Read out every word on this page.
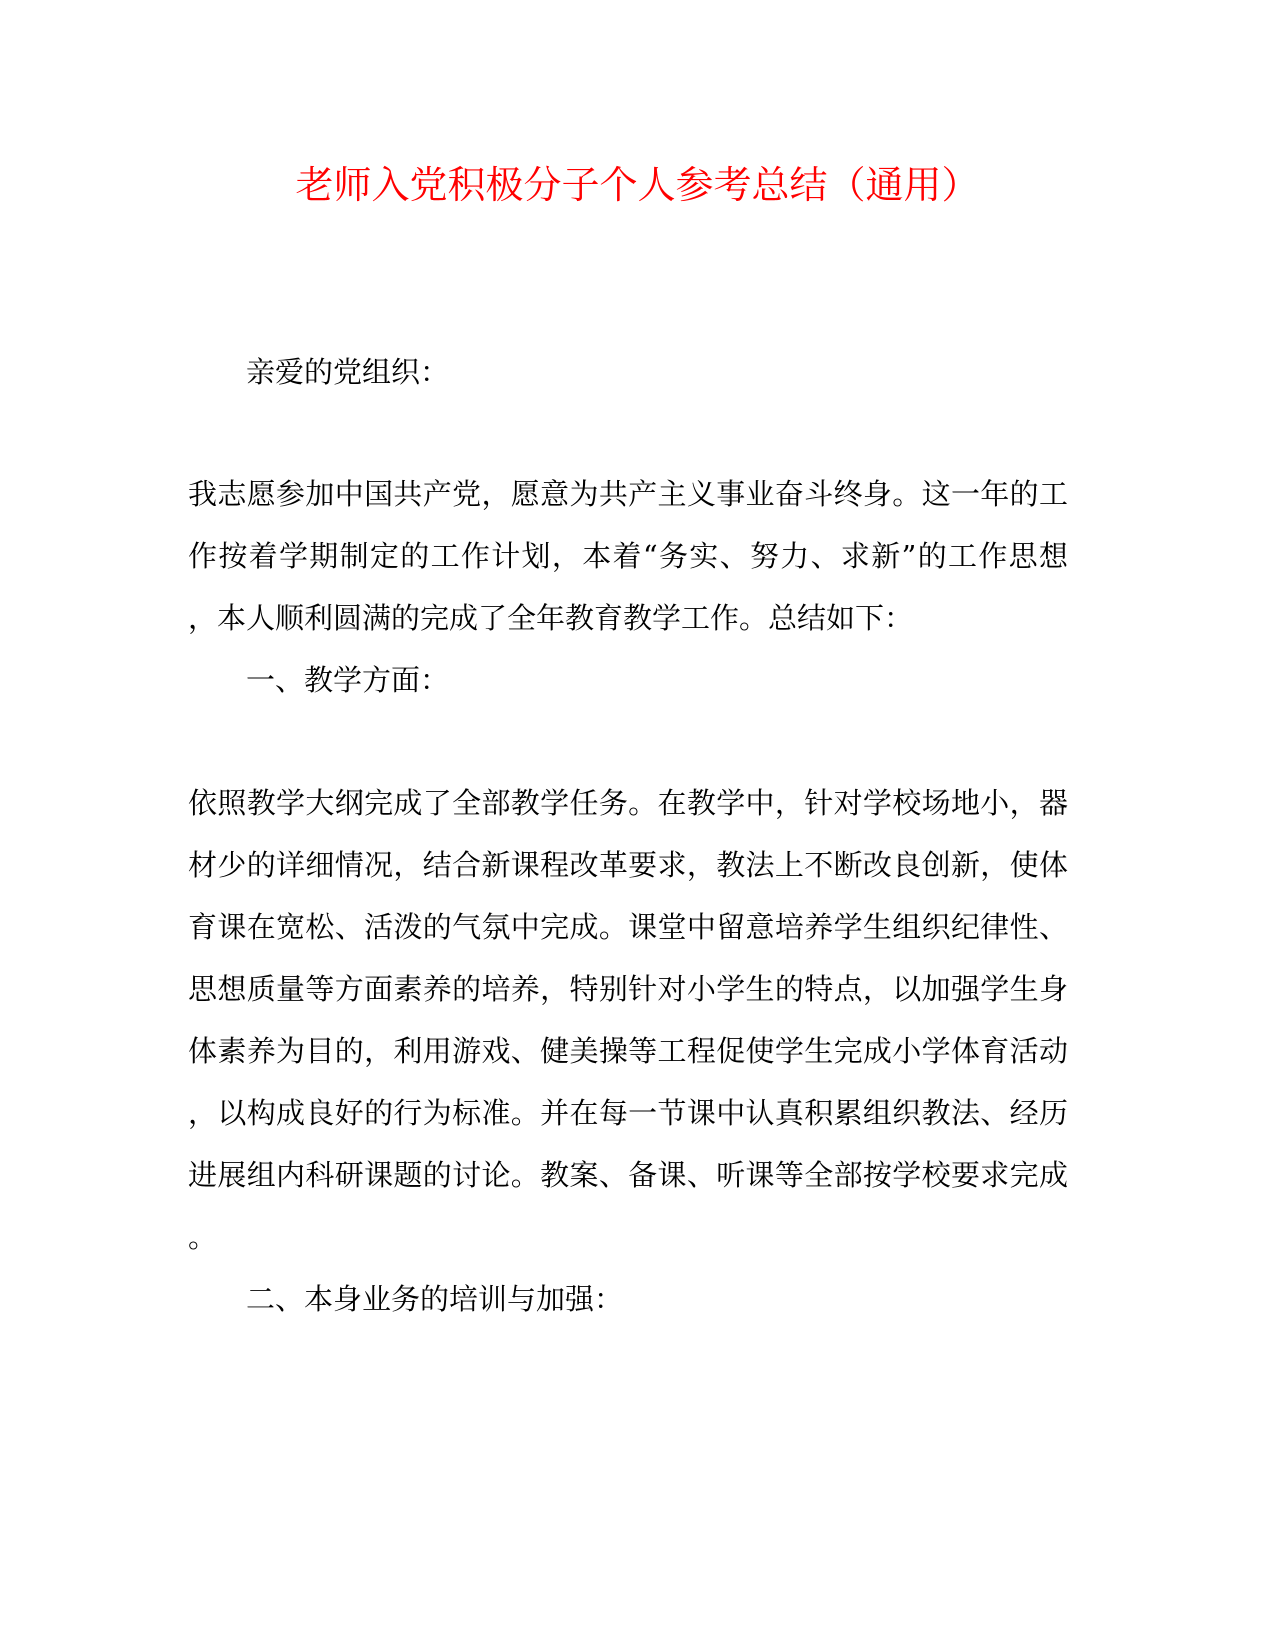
老师入党积极分子个人参考总结（通用）
亲爱的党组织：
我志愿参加中国共产党，愿意为共产主义事业奋斗终身。这一年的工
作按着学期制定的工作计划，本着“务实、努力、求新”的工作思想
，本人顺利圆满的完成了全年教育教学工作。总结如下：
一、教学方面：
依照教学大纲完成了全部教学任务。在教学中，针对学校场地小，器
材少的详细情况，结合新课程改革要求，教法上不断改良创新，使体
育课在宽松、活泼的气氛中完成。课堂中留意培养学生组织纪律性、
思想质量等方面素养的培养，特别针对小学生的特点，以加强学生身
体素养为目的，利用游戏、健美操等工程促使学生完成小学体育活动
，以构成良好的行为标准。并在每一节课中认真积累组织教法、经历
进展组内科研课题的讨论。教案、备课、听课等全部按学校要求完成
。
二、本身业务的培训与加强：
